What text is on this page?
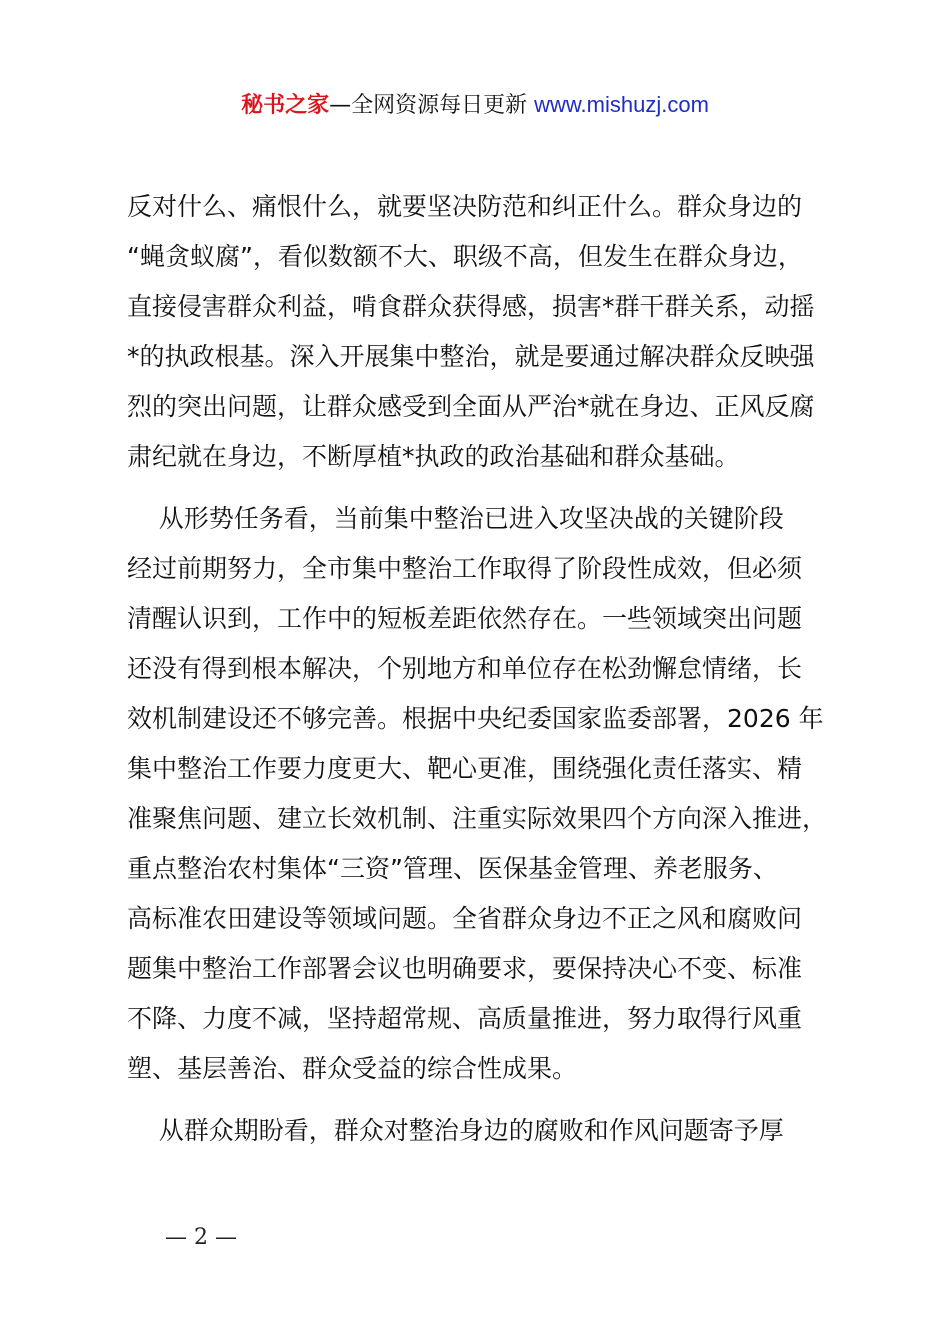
秘书之家—全网资源每日更新 www.mishuzj.com
反对什么、痛恨什么，就要坚决防范和纠正什么。群众身边的
“蝇贪蚁腐”，看似数额不大、职级不高，但发生在群众身边，
直接侵害群众利益，啃食群众获得感，损害*群干群关系，动摇
*的执政根基。深入开展集中整治，就是要通过解决群众反映强
烈的突出问题，让群众感受到全面从严治*就在身边、正风反腐
肃纪就在身边，不断厚植*执政的政治基础和群众基础。
从形势任务看，当前集中整治已进入攻坚决战的关键阶段
经过前期努力，全市集中整治工作取得了阶段性成效，但必须
清醒认识到，工作中的短板差距依然存在。一些领域突出问题
还没有得到根本解决，个别地方和单位存在松劲懈怠情绪，长
效机制建设还不够完善。根据中央纪委国家监委部署，2026 年
集中整治工作要力度更大、靶心更准，围绕强化责任落实、精
准聚焦问题、建立长效机制、注重实际效果四个方向深入推进，
重点整治农村集体“三资”管理、医保基金管理、养老服务、
高标准农田建设等领域问题。全省群众身边不正之风和腐败问
题集中整治工作部署会议也明确要求，要保持决心不变、标准
不降、力度不减，坚持超常规、高质量推进，努力取得行风重
塑、基层善治、群众受益的综合性成果。
从群众期盼看，群众对整治身边的腐败和作风问题寄予厚
— 2 —
